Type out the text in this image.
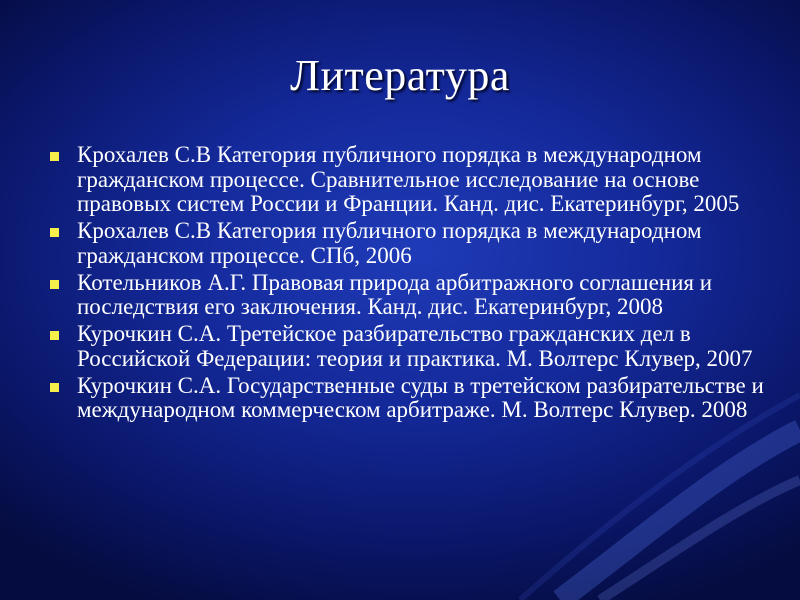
Литература
Крохалев С.В Категория публичного порядка в международном гражданском процессе. Сравнительное исследование на основе правовых систем России и Франции. Канд. дис. Екатеринбург, 2005
Крохалев С.В Категория публичного порядка в международном гражданском процессе. СПб, 2006
Котельников А.Г. Правовая природа арбитражного соглашения и последствия его заключения. Канд. дис. Екатеринбург, 2008
Курочкин С.А. Третейское разбирательство гражданских дел в Российской Федерации: теория и практика. М. Волтерс Клувер, 2007
Курочкин С.А. Государственные суды в третейском разбирательстве и международном коммерческом арбитраже. М. Волтерс Клувер. 2008
